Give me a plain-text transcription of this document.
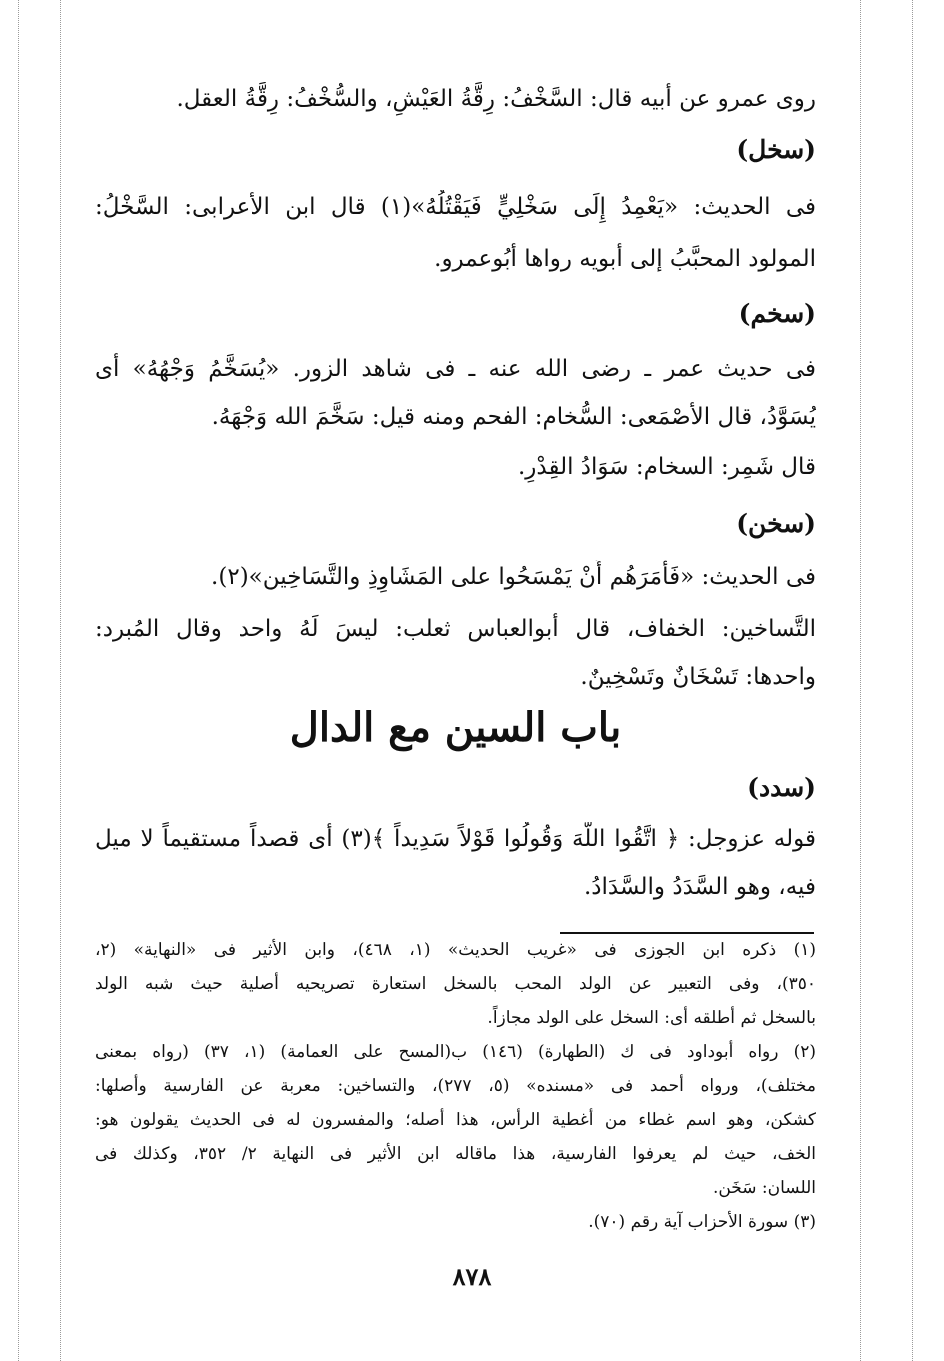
روى عمرو عن أبيه قال: السَّخْفُ: رِقَّةُ العَيْشِ، والسُّخْفُ: رِقَّةُ العقل.
(سخل)
فى الحديث: «يَعْمِدُ إِلَى سَخْلِيٍّ فَيَقْتُلُهُ»(١) قال ابن الأعرابى: السَّخْلُ:
المولود المحبَّبُ إلى أبويه رواها أبُوعمرو.
(سخم)
فى حديث عمر ـ رضى الله عنه ـ فى شاهد الزور. «يُسَخَّمُ وَجْهُهُ» أى
يُسَوَّدُ، قال الأصْمَعى: السُّخام: الفحم ومنه قيل: سَخَّمَ الله وَجْهَهُ.
قال شَمِر: السخام: سَوَادُ القِدْرِ.
(سخن)
فى الحديث: «فَأَمَرَهُم أَنْ يَمْسَحُوا على المَشَاوِذِ والتَّسَاخِين»(٢).
التَّساخين: الخفاف، قال أبوالعباس ثعلب: ليسَ لَهُ واحد وقال المُبرد:
واحدها: تَسْخَانٌ وتَسْخِينٌ.
باب السين مع الدال
(سدد)
قوله عزوجل: ﴿ اتَّقُوا اللَّهَ وَقُولُوا قَوْلاً سَدِيداً ﴾(٣) أى قصداً مستقيماً لا ميل
فيه، وهو السَّدَدُ والسَّدَادُ.
(١) ذكره ابن الجوزى فى «غريب الحديث» (١، ٤٦٨)، وابن الأثير فى «النهاية» (٢،
٣٥٠)، وفى التعبير عن الولد المحب بالسخل استعارة تصريحيه أصلية حيث شبه الولد
بالسخل ثم أطلقه أى: السخل على الولد مجازاً.
(٢) رواه أبوداود فى ك (الطهارة) (١٤٦) ب(المسح على العمامة) (١، ٣٧) (رواه بمعنى
مختلف)، ورواه أحمد فى «مسنده» (٥، ٢٧٧)، والتساخين: معربة عن الفارسية وأصلها:
كشكن، وهو اسم غطاء من أغطية الرأس، هذا أصله؛ والمفسرون له فى الحديث يقولون هو:
الخف، حيث لم يعرفوا الفارسية، هذا ماقاله ابن الأثير فى النهاية ٢/ ٣٥٢، وكذلك فى
اللسان: سَخَن.
(٣) سورة الأحزاب آية رقم (٧٠).
٨٧٨
